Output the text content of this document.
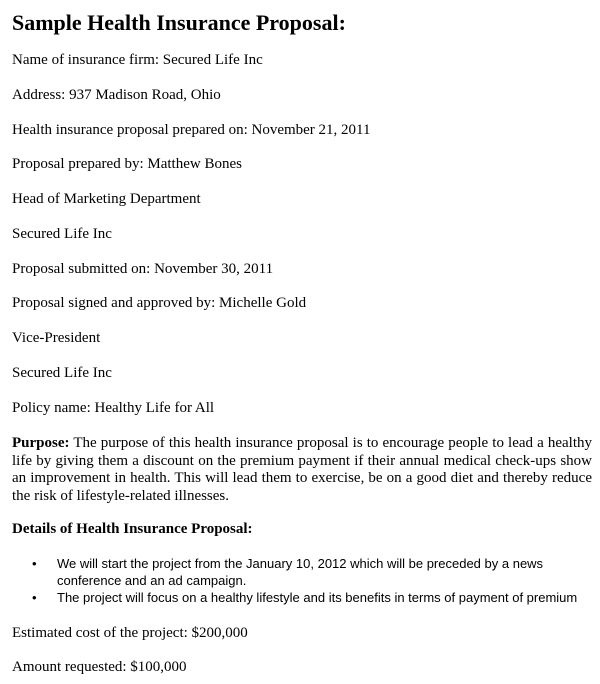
Sample Health Insurance Proposal:
Name of insurance firm: Secured Life Inc
Address: 937 Madison Road, Ohio
Health insurance proposal prepared on: November 21, 2011
Proposal prepared by: Matthew Bones
Head of Marketing Department
Secured Life Inc
Proposal submitted on: November 30, 2011
Proposal signed and approved by: Michelle Gold
Vice-President
Secured Life Inc
Policy name: Healthy Life for All
Purpose: The purpose of this health insurance proposal is to encourage people to lead a healthy life by giving them a discount on the premium payment if their annual medical check-ups show an improvement in health. This will lead them to exercise, be on a good diet and thereby reduce the risk of lifestyle-related illnesses.
Details of Health Insurance Proposal:
• We will start the project from the January 10, 2012 which will be preceded by a news conference and an ad campaign.
• The project will focus on a healthy lifestyle and its benefits in terms of payment of premium
Estimated cost of the project: $200,000
Amount requested: $100,000
